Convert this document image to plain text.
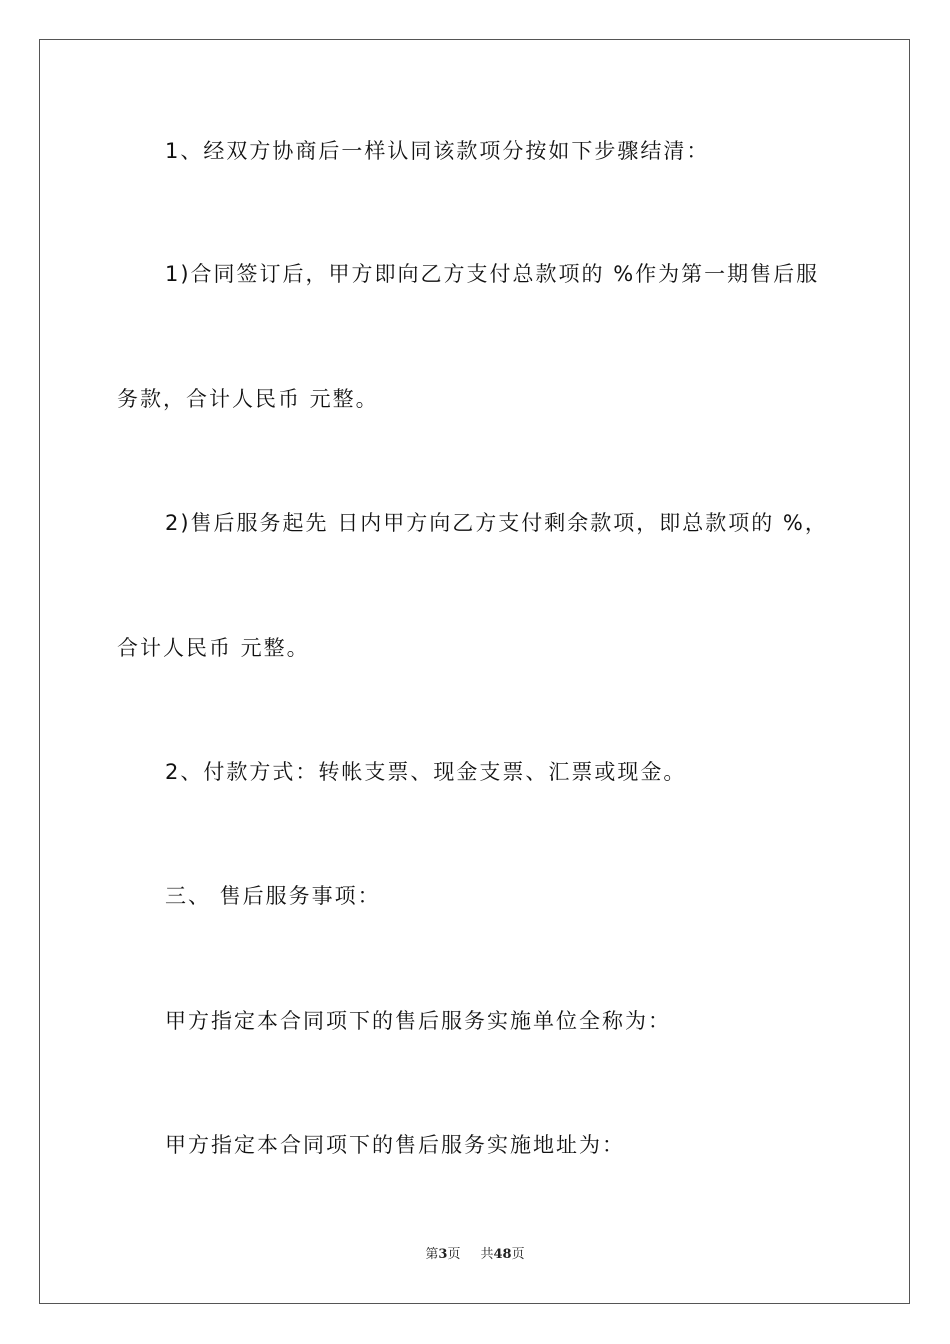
1、经双方协商后一样认同该款项分按如下步骤结清：
1)合同签订后，甲方即向乙方支付总款项的 %作为第一期售后服
务款，合计人民币 元整。
2)售后服务起先 日内甲方向乙方支付剩余款项，即总款项的 %，
合计人民币 元整。
2、付款方式：转帐支票、现金支票、汇票或现金。
三、 售后服务事项：
甲方指定本合同项下的售后服务实施单位全称为：
甲方指定本合同项下的售后服务实施地址为：
第3页 共48页
